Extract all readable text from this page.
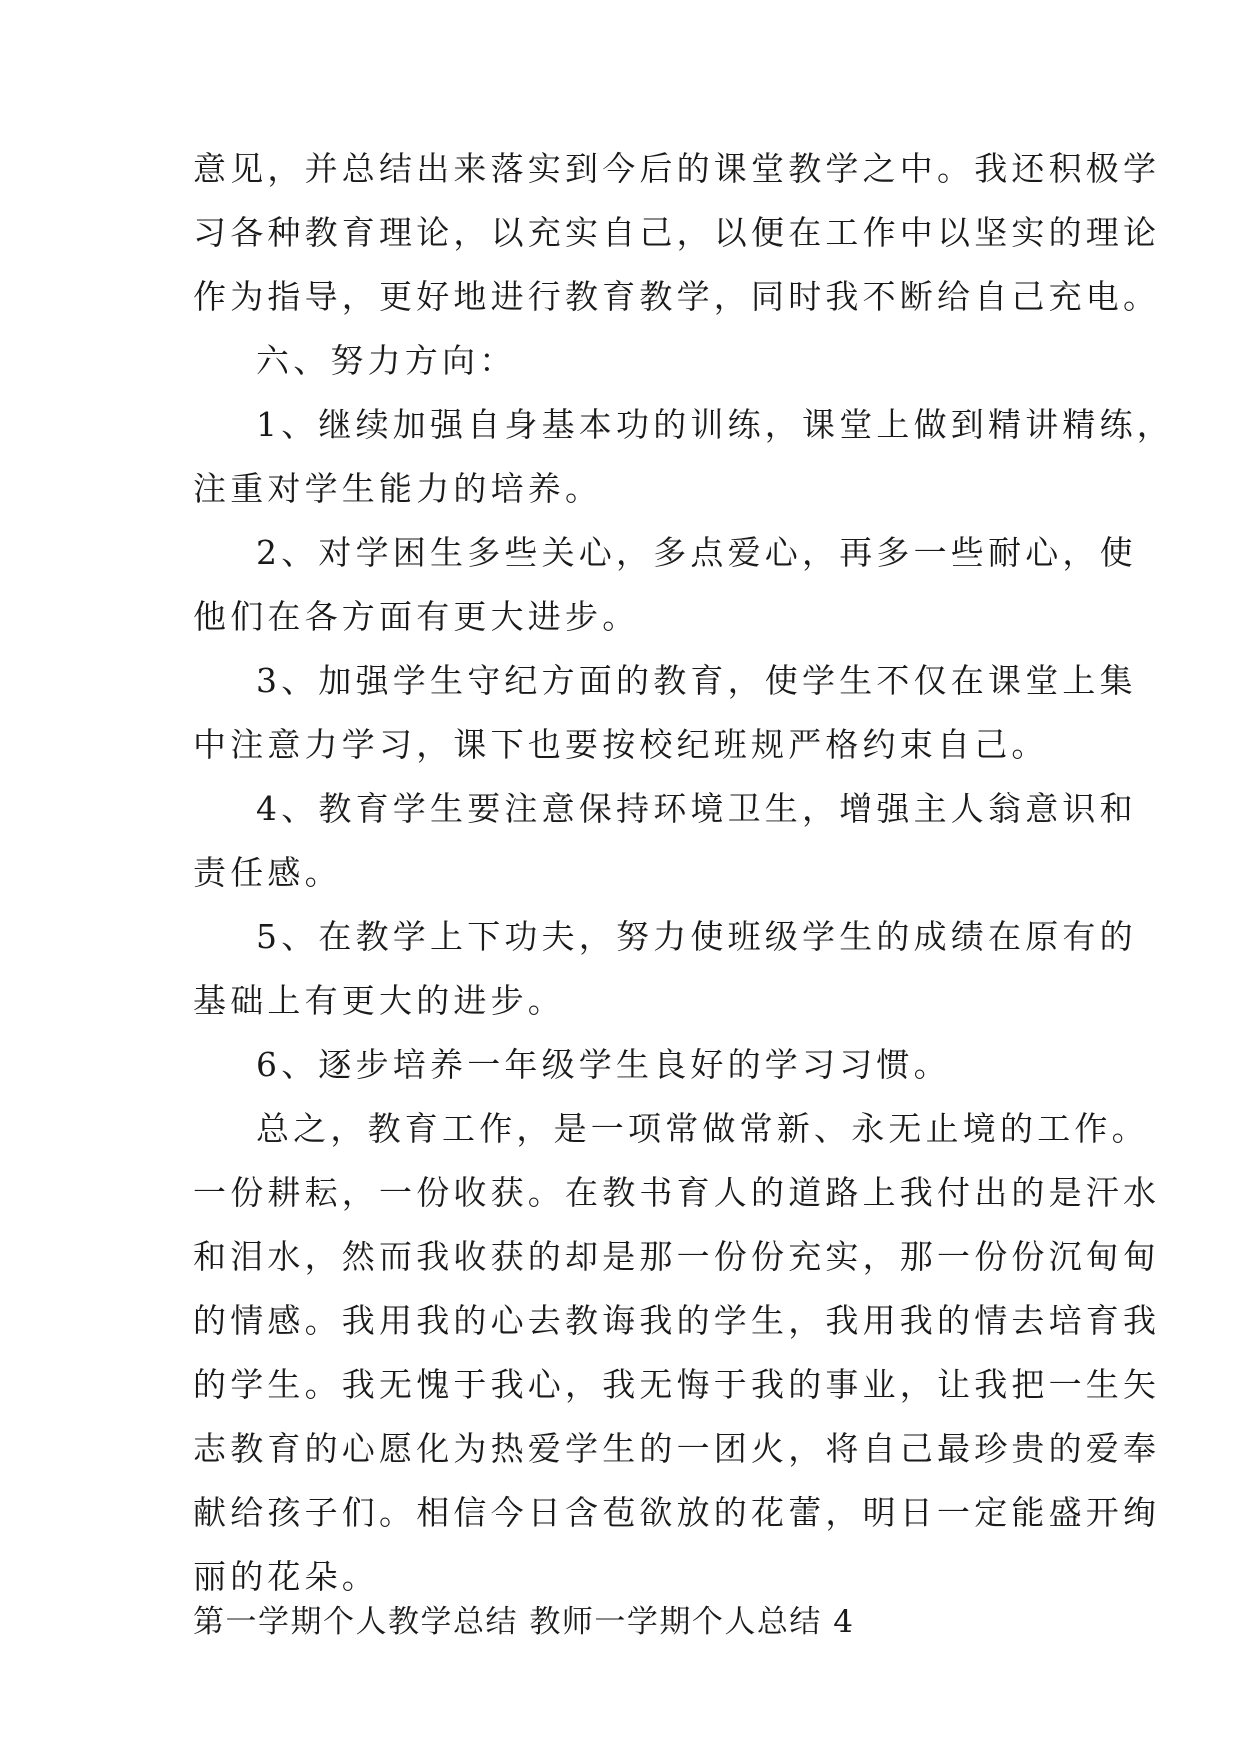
意见，并总结出来落实到今后的课堂教学之中。我还积极学
习各种教育理论，以充实自己，以便在工作中以坚实的理论
作为指导，更好地进行教育教学，同时我不断给自己充电。
六、努力方向：
1、继续加强自身基本功的训练，课堂上做到精讲精练，
注重对学生能力的培养。
2、对学困生多些关心，多点爱心，再多一些耐心，使
他们在各方面有更大进步。
3、加强学生守纪方面的教育，使学生不仅在课堂上集
中注意力学习，课下也要按校纪班规严格约束自己。
4、教育学生要注意保持环境卫生，增强主人翁意识和
责任感。
5、在教学上下功夫，努力使班级学生的成绩在原有的
基础上有更大的进步。
6、逐步培养一年级学生良好的学习习惯。
总之，教育工作，是一项常做常新、永无止境的工作。
一份耕耘，一份收获。在教书育人的道路上我付出的是汗水
和泪水，然而我收获的却是那一份份充实，那一份份沉甸甸
的情感。我用我的心去教诲我的学生，我用我的情去培育我
的学生。我无愧于我心，我无悔于我的事业，让我把一生矢
志教育的心愿化为热爱学生的一团火，将自己最珍贵的爱奉
献给孩子们。相信今日含苞欲放的花蕾，明日一定能盛开绚
丽的花朵。
第一学期个人教学总结 教师一学期个人总结 4
